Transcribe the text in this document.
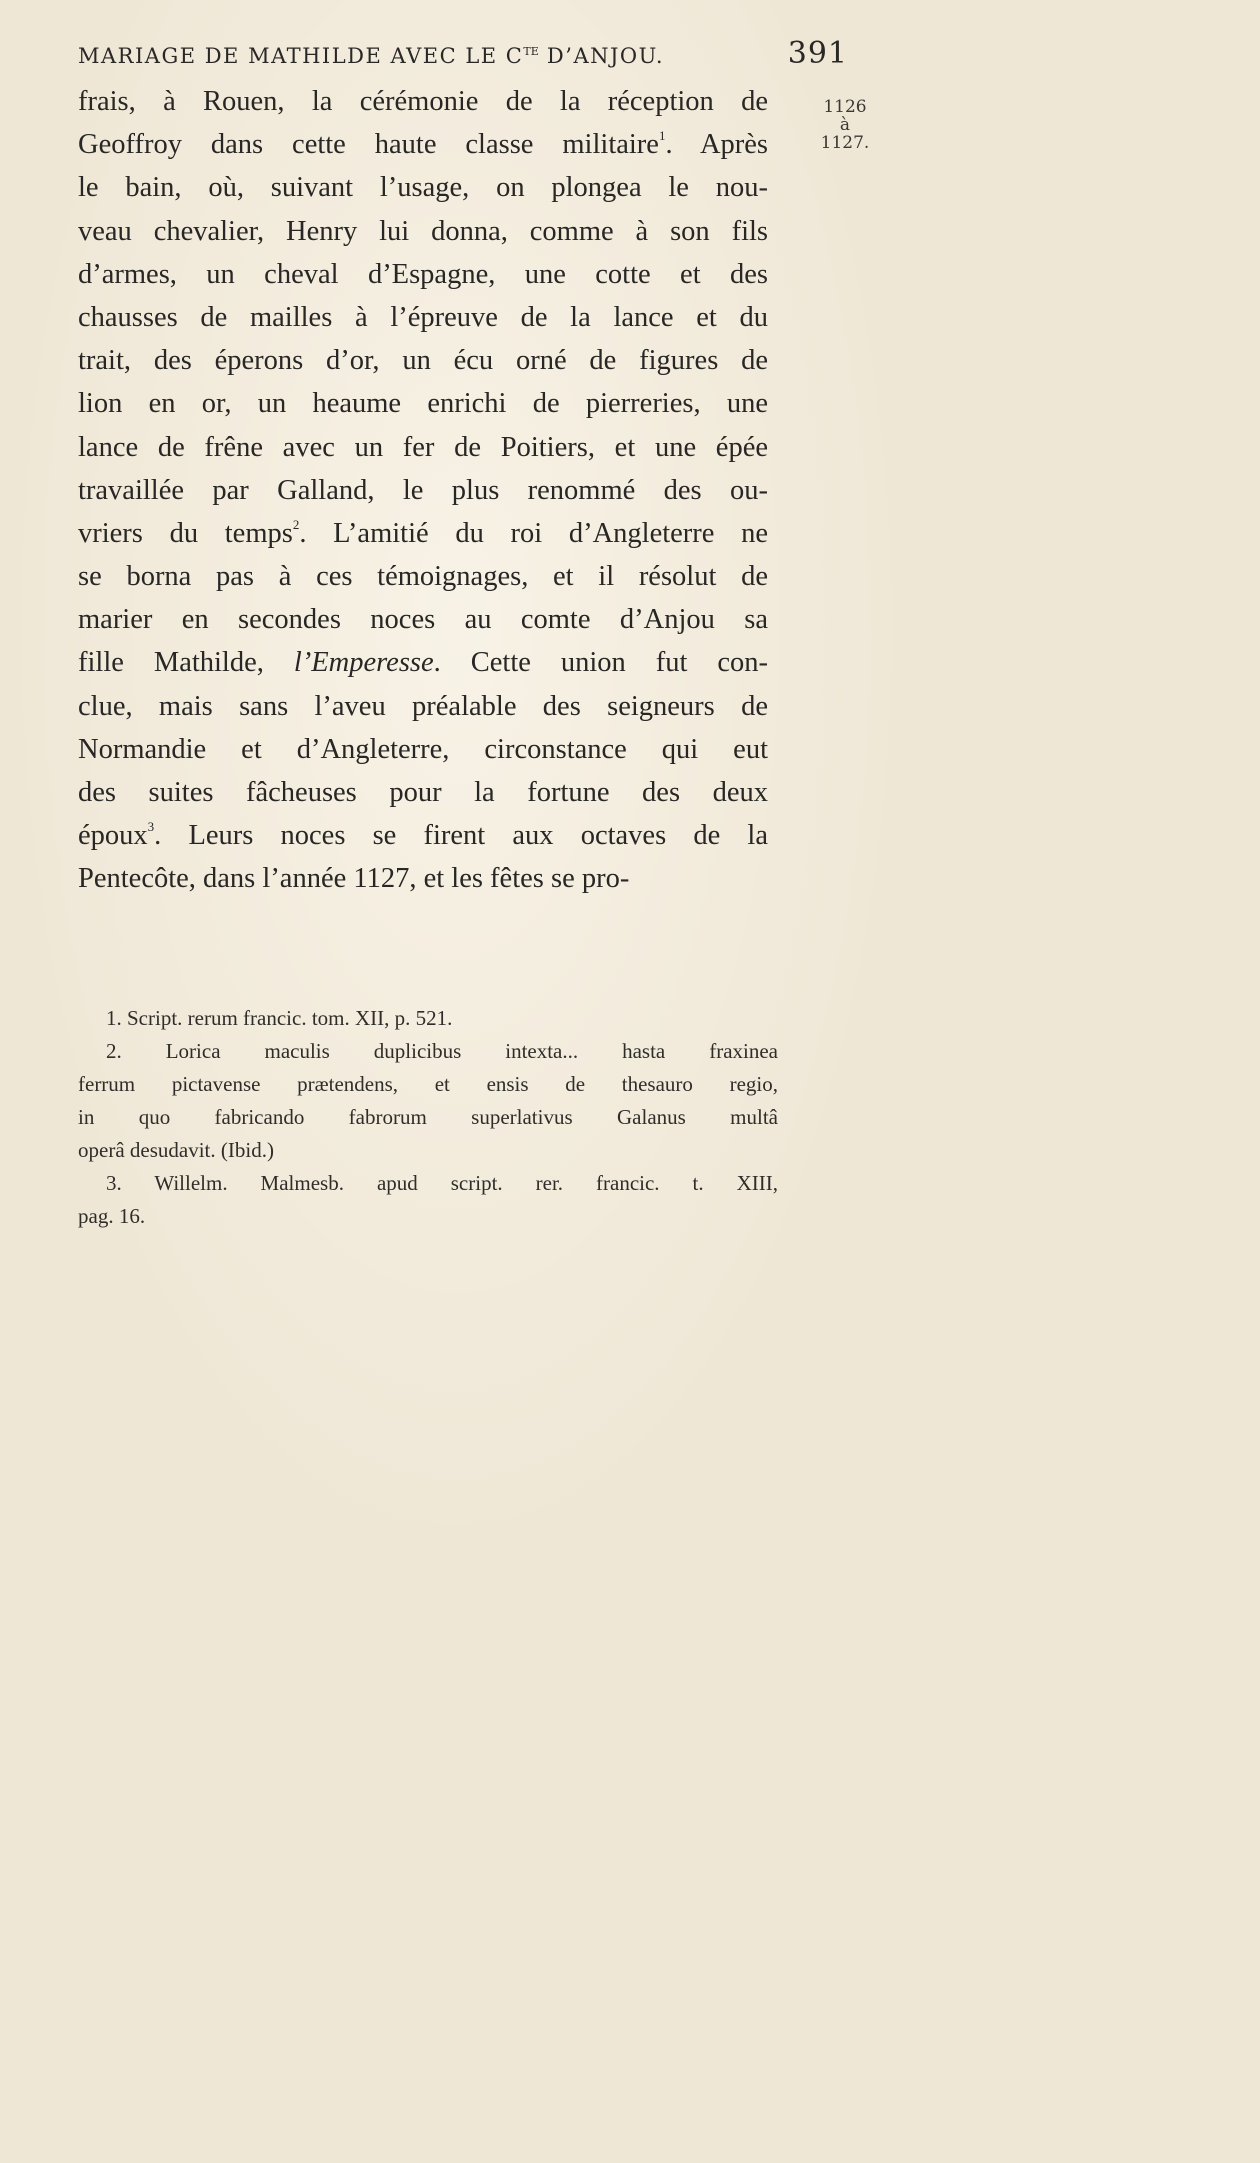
MARIAGE DE MATHILDE AVEC LE $C^{TE}$ D’ANJOU.	391
1126
à
1127.
frais, à Rouen, la cérémonie de la réception de
Geoffroy dans cette haute classe militaire$^1$. Après
le bain, où, suivant l’usage, on plongea le nou-
veau chevalier, Henry lui donna, comme à son fils
d’armes, un cheval d’Espagne, une cotte et des
chausses de mailles à l’épreuve de la lance et du
trait, des éperons d’or, un écu orné de figures de
lion en or, un heaume enrichi de pierreries, une
lance de frêne avec un fer de Poitiers, et une épée
travaillée par Galland, le plus renommé des ou-
vriers du temps$^2$. L’amitié du roi d’Angleterre ne
se borna pas à ces témoignages, et il résolut de
marier en secondes noces au comte d’Anjou sa
fille Mathilde, l’Emperesse. Cette union fut con-
clue, mais sans l’aveu préalable des seigneurs de
Normandie et d’Angleterre, circonstance qui eut
des suites fâcheuses pour la fortune des deux
époux$^3$. Leurs noces se firent aux octaves de la
Pentecôte, dans l’année 1127, et les fêtes se pro-
1. Script. rerum francic. tom. XII, p. 521.
2. Lorica maculis duplicibus intexta... hasta fraxinea
ferrum pictavense prætendens, et ensis de thesauro regio,
in quo fabricando fabrorum superlativus Galanus multâ
operâ desudavit. (Ibid.)
3. Willelm. Malmesb. apud script. rer. francic. t. XIII,
pag. 16.
